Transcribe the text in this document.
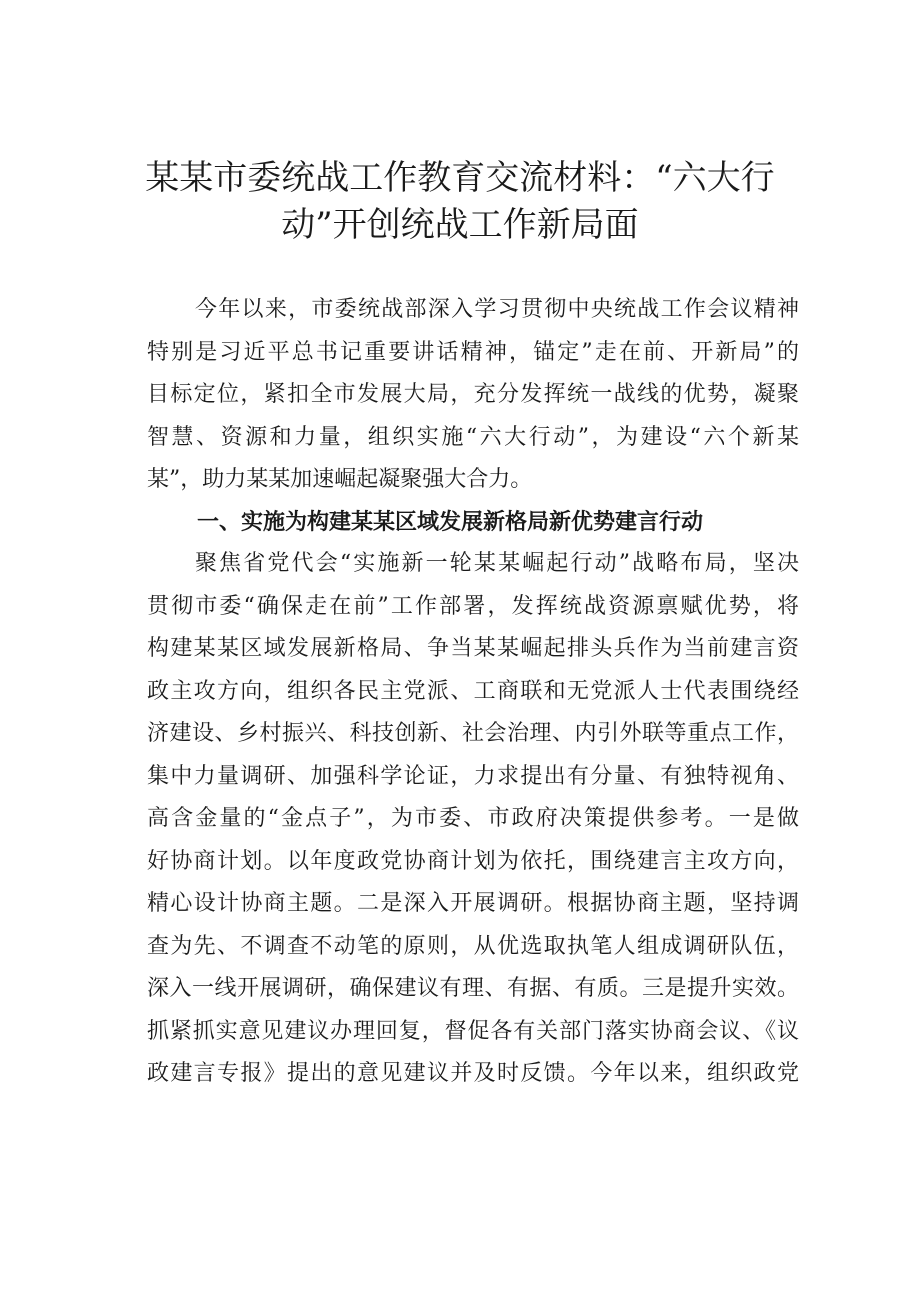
某某市委统战工作教育交流材料：“六大行
动”开创统战工作新局面
今年以来，市委统战部深入学习贯彻中央统战工作会议精神
特别是习近平总书记重要讲话精神，锚定”走在前、开新局”的
目标定位，紧扣全市发展大局，充分发挥统一战线的优势，凝聚
智慧、资源和力量，组织实施“六大行动”，为建设“六个新某
某”，助力某某加速崛起凝聚强大合力。
一、实施为构建某某区域发展新格局新优势建言行动
聚焦省党代会“实施新一轮某某崛起行动”战略布局，坚决
贯彻市委“确保走在前”工作部署，发挥统战资源禀赋优势，将
构建某某区域发展新格局、争当某某崛起排头兵作为当前建言资
政主攻方向，组织各民主党派、工商联和无党派人士代表围绕经
济建设、乡村振兴、科技创新、社会治理、内引外联等重点工作，
集中力量调研、加强科学论证，力求提出有分量、有独特视角、
高含金量的“金点子”，为市委、市政府决策提供参考。一是做
好协商计划。以年度政党协商计划为依托，围绕建言主攻方向，
精心设计协商主题。二是深入开展调研。根据协商主题，坚持调
查为先、不调查不动笔的原则，从优选取执笔人组成调研队伍，
深入一线开展调研，确保建议有理、有据、有质。三是提升实效。
抓紧抓实意见建议办理回复，督促各有关部门落实协商会议、《议
政建言专报》提出的意见建议并及时反馈。今年以来，组织政党
